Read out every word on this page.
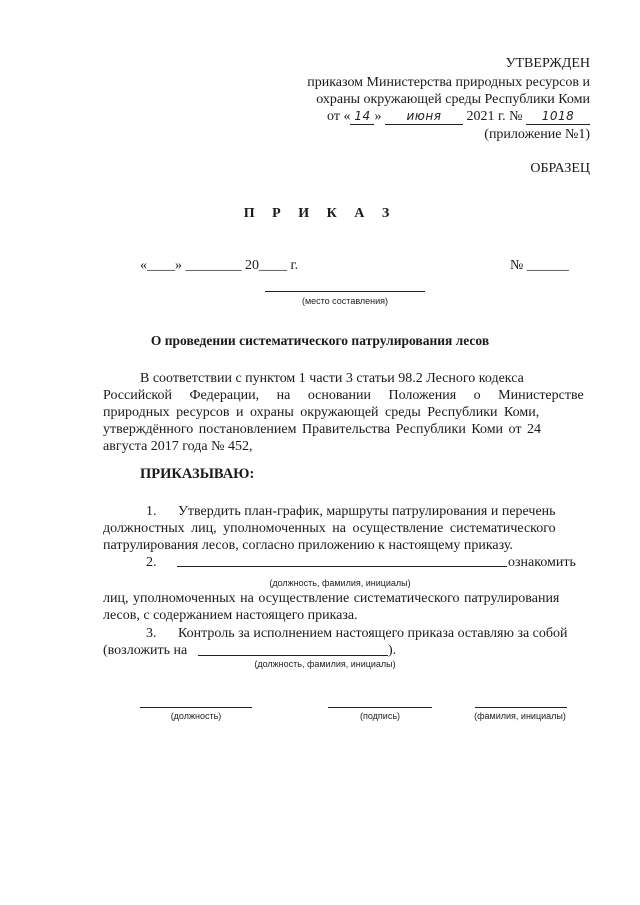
УТВЕРЖДЕН
приказом Министерства природных ресурсов и
охраны окружающей среды Республики Коми
от « 14 » июня 2021 г. № 1018
(приложение №1)
ОБРАЗЕЦ
П Р И К А З
«____» ________ 20____ г.	№ ______
(место составления)
О проведении систематического патрулирования лесов
В соответствии с пунктом 1 части 3 статьи 98.2 Лесного кодекса
Российской Федерации, на основании Положения о Министерстве
природных ресурсов и охраны окружающей среды Республики Коми,
утверждённого постановлением Правительства Республики Коми от 24
августа 2017 года № 452,
ПРИКАЗЫВАЮ:
1. Утвердить план-график, маршруты патрулирования и перечень
должностных лиц, уполномоченных на осуществление систематического
патрулирования лесов, согласно приложению к настоящему приказу.
2.	ознакомить
(должность, фамилия, инициалы)
лиц, уполномоченных на осуществление систематического патрулирования
лесов, с содержанием настоящего приказа.
3. Контроль за исполнением настоящего приказа оставляю за собой
(возложить на	).
(должность, фамилия, инициалы)
(должность)	(подпись)	(фамилия, инициалы)
